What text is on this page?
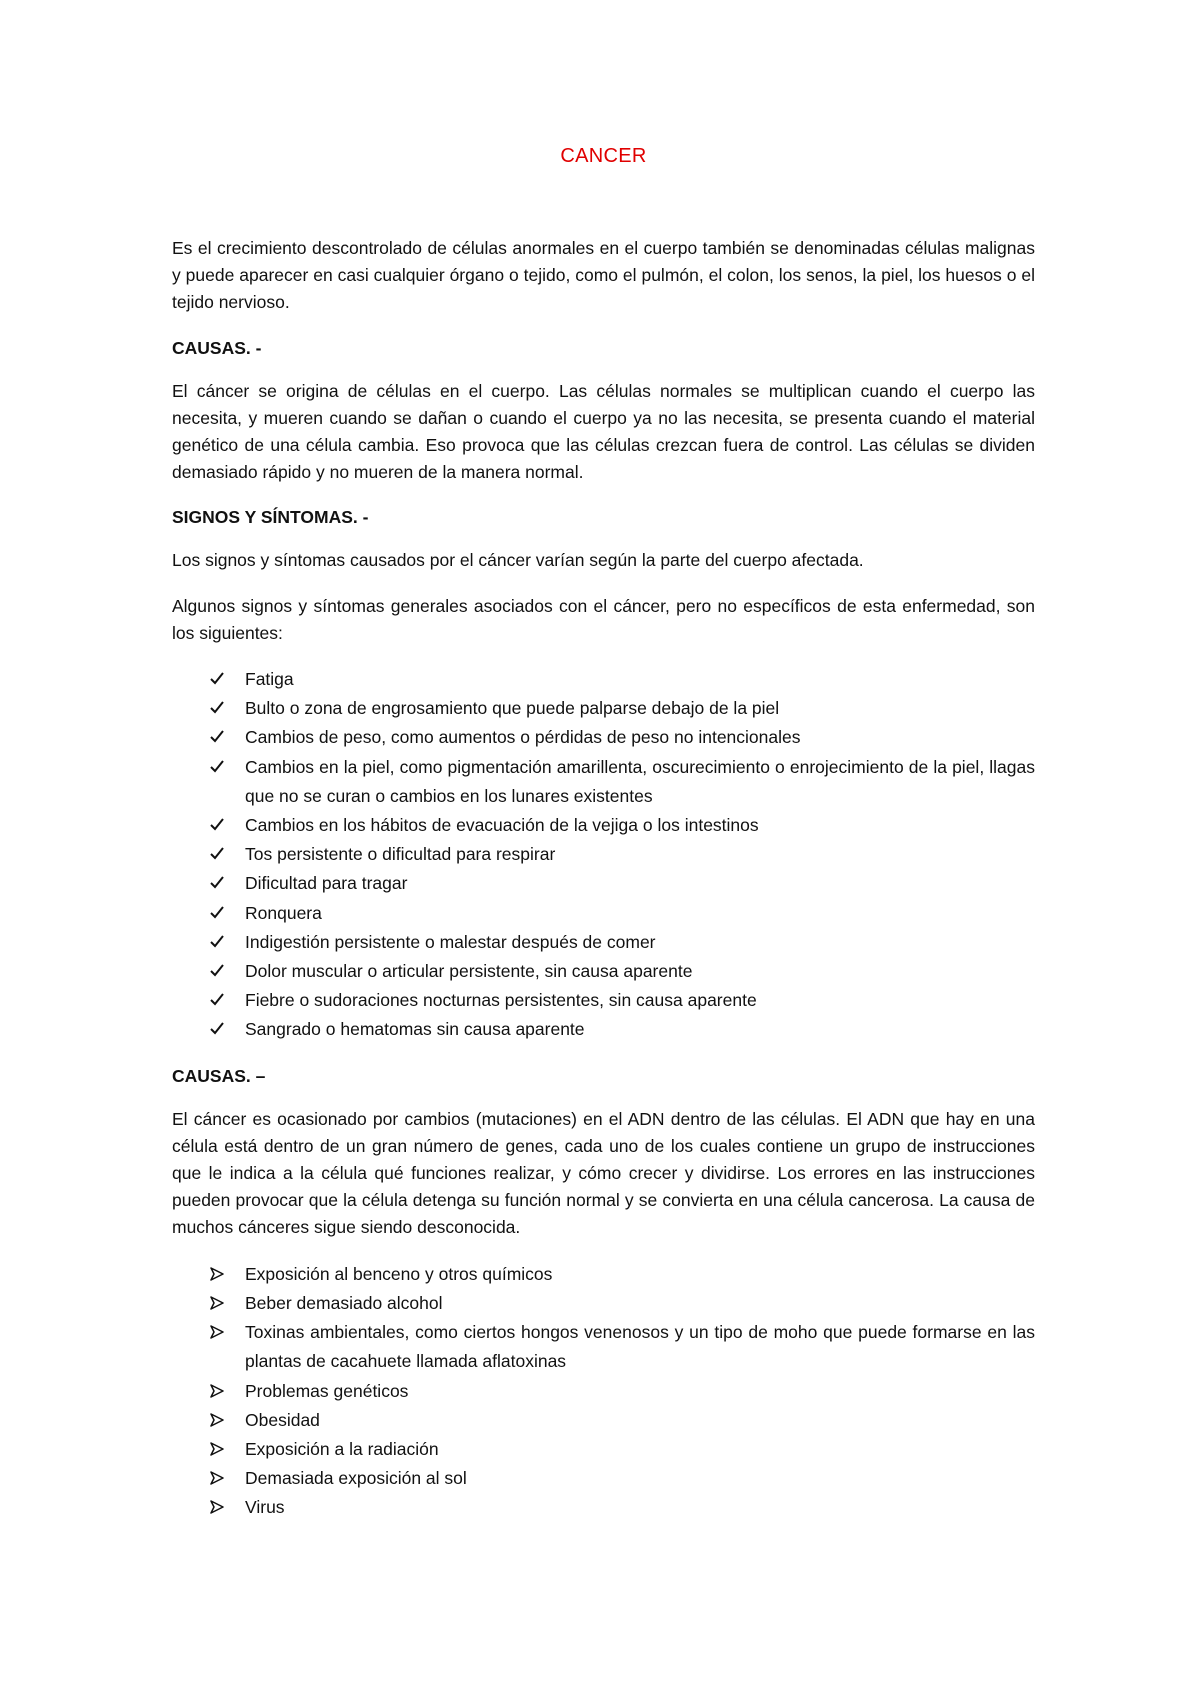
CANCER

Es el crecimiento descontrolado de células anormales en el cuerpo también se denominadas células malignas y puede aparecer en casi cualquier órgano o tejido, como el pulmón, el colon, los senos, la piel, los huesos o el tejido nervioso.

CAUSAS. -

El cáncer se origina de células en el cuerpo. Las células normales se multiplican cuando el cuerpo las necesita, y mueren cuando se dañan o cuando el cuerpo ya no las necesita, se presenta cuando el material genético de una célula cambia. Eso provoca que las células crezcan fuera de control. Las células se dividen demasiado rápido y no mueren de la manera normal.

SIGNOS Y SÍNTOMAS. -

Los signos y síntomas causados por el cáncer varían según la parte del cuerpo afectada.

Algunos signos y síntomas generales asociados con el cáncer, pero no específicos de esta enfermedad, son los siguientes:

Fatiga
Bulto o zona de engrosamiento que puede palparse debajo de la piel
Cambios de peso, como aumentos o pérdidas de peso no intencionales
Cambios en la piel, como pigmentación amarillenta, oscurecimiento o enrojecimiento de la piel, llagas que no se curan o cambios en los lunares existentes
Cambios en los hábitos de evacuación de la vejiga o los intestinos
Tos persistente o dificultad para respirar
Dificultad para tragar
Ronquera
Indigestión persistente o malestar después de comer
Dolor muscular o articular persistente, sin causa aparente
Fiebre o sudoraciones nocturnas persistentes, sin causa aparente
Sangrado o hematomas sin causa aparente

CAUSAS. –

El cáncer es ocasionado por cambios (mutaciones) en el ADN dentro de las células. El ADN que hay en una célula está dentro de un gran número de genes, cada uno de los cuales contiene un grupo de instrucciones que le indica a la célula qué funciones realizar, y cómo crecer y dividirse. Los errores en las instrucciones pueden provocar que la célula detenga su función normal y se convierta en una célula cancerosa. La causa de muchos cánceres sigue siendo desconocida.

Exposición al benceno y otros químicos
Beber demasiado alcohol
Toxinas ambientales, como ciertos hongos venenosos y un tipo de moho que puede formarse en las plantas de cacahuete llamada aflatoxinas
Problemas genéticos
Obesidad
Exposición a la radiación
Demasiada exposición al sol
Virus
